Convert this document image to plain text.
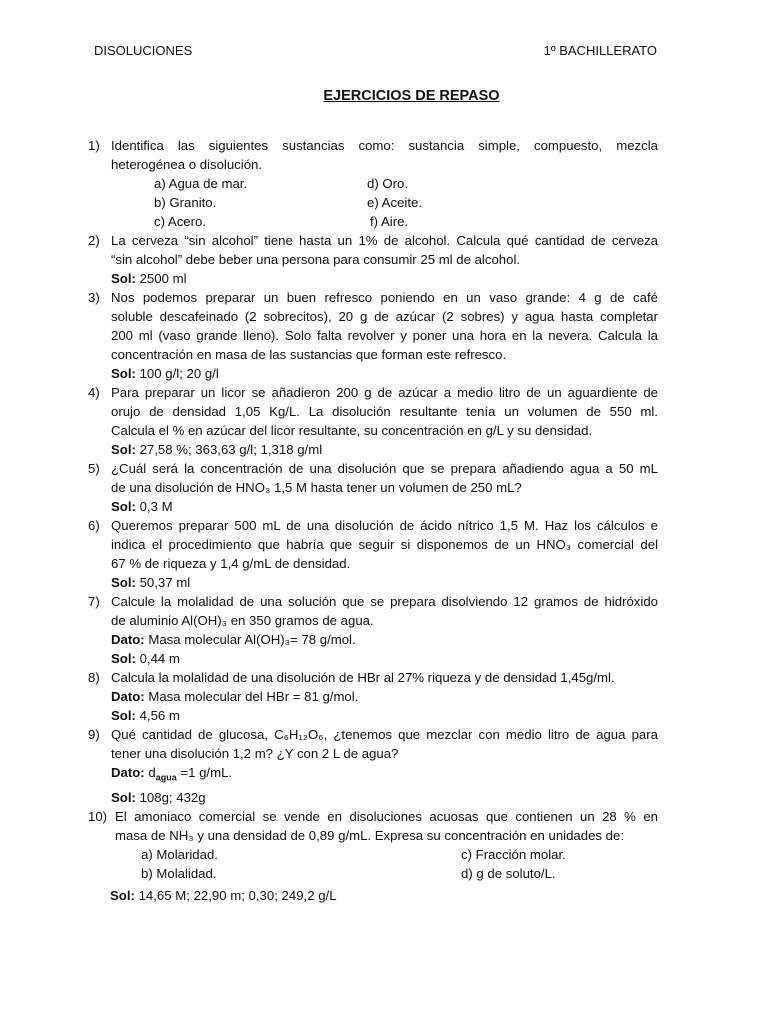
DISOLUCIONES	1º BACHILLERATO
EJERCICIOS DE REPASO
1) Identifica las siguientes sustancias como: sustancia simple, compuesto, mezcla
heterogénea o disolución.
a) Agua de mar.	d) Oro.
b) Granito.	e) Aceite.
c) Acero.	f) Aire.
2) La cerveza “sin alcohol” tiene hasta un 1% de alcohol. Calcula qué cantidad de cerveza
“sin alcohol” debe beber una persona para consumir 25 ml de alcohol.
Sol: 2500 ml
3) Nos podemos preparar un buen refresco poniendo en un vaso grande: 4 g de café
soluble descafeinado (2 sobrecitos), 20 g de azúcar (2 sobres) y agua hasta completar
200 ml (vaso grande lleno). Solo falta revolver y poner una hora en la nevera. Calcula la
concentración en masa de las sustancias que forman este refresco.
Sol: 100 g/l; 20 g/l
4) Para preparar un licor se añadieron 200 g de azúcar a medio litro de un aguardiente de
orujo de densidad 1,05 Kg/L. La disolución resultante tenía un volumen de 550 ml.
Calcula el % en azúcar del licor resultante, su concentración en g/L y su densidad.
Sol: 27,58 %; 363,63 g/l; 1,318 g/ml
5) ¿Cuál será la concentración de una disolución que se prepara añadiendo agua a 50 mL
de una disolución de HNO₃ 1,5 M hasta tener un volumen de 250 mL?
Sol: 0,3 M
6) Queremos preparar 500 mL de una disolución de ácido nítrico 1,5 M. Haz los cálculos e
indica el procedimiento que habría que seguir si disponemos de un HNO₃ comercial del
67 % de riqueza y 1,4 g/mL de densidad.
Sol: 50,37 ml
7) Calcule la molalidad de una solución que se prepara disolviendo 12 gramos de hidróxido
de aluminio Al(OH)₃ en 350 gramos de agua.
Dato: Masa molecular Al(OH)₃= 78 g/mol.
Sol: 0,44 m
8) Calcula la molalidad de una disolución de HBr al 27% riqueza y de densidad 1,45g/ml.
Dato: Masa molecular del HBr = 81 g/mol.
Sol: 4,56 m
9) Qué cantidad de glucosa, C₆H₁₂O₆, ¿tenemos que mezclar con medio litro de agua para
tener una disolución 1,2 m? ¿Y con 2 L de agua?
Dato: $d_{agua} =1$ g/mL.
Sol: 108g; 432g
10) El amoniaco comercial se vende en disoluciones acuosas que contienen un 28 % en
masa de NH₃ y una densidad de 0,89 g/mL. Expresa su concentración en unidades de:
a) Molaridad.	c) Fracción molar.
b) Molalidad.	d) g de soluto/L.
Sol: 14,65 M; 22,90 m; 0,30; 249,2 g/L
